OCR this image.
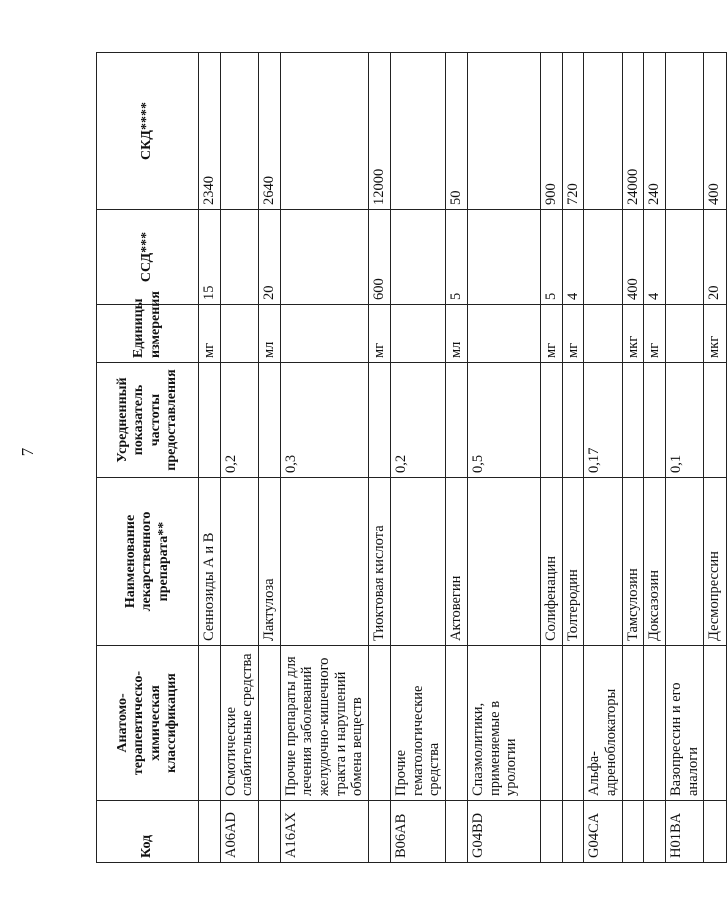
7
Код	Анатомо-терапевтическо-химическая классификация	Наименование лекарственного препарата**	Усредненный показатель частоты предоставления	Единицы измерения	ССД***	СКД****
		Сеннозиды А и В		мг	15	2340
A06AD	Осмотические слабительные средства		0,2			
		Лактулоза		мл	20	2640
A16AX	Прочие препараты для лечения заболеваний желудочно-кишечного тракта и нарушений обмена веществ		0,3			
		Тиоктовая кислота		мг	600	12000
B06AB	Прочие гематологические средства		0,2			
		Актовегин		мл	5	50
G04BD	Спазмолитики, применяемые в урологии		0,5			
		Солифенацин		мг	5	900
		Толтеродин		мг	4	720
G04CA	Альфа-адреноблокаторы		0,17			
		Тамсулозин		мкг	400	24000
		Доксазозин		мг	4	240
H01BA	Вазопрессин и его аналоги		0,1			
		Десмопрессин		мкг	20	400
